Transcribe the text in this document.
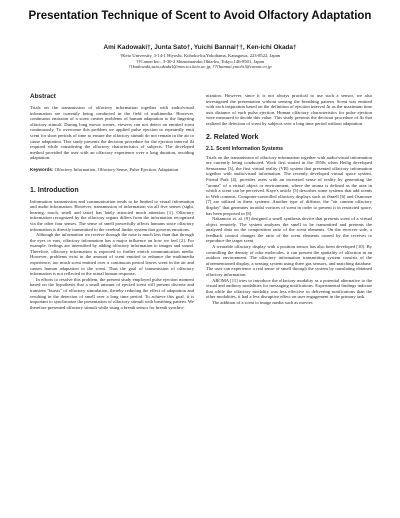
Presentation Technique of Scent to Avoid Olfactory Adaptation
Ami Kadowaki†, Junta Sato†, Yuichi Bannai††, Ken-ichi Okada†
†Keio University, 3-14-1 Hiyoshi, Kohoku-ku,Yokohama, Kanagawa, 223-8522, Japan
††Canon Inc., 3-30-2 Shimomaruko,Ohta-ku, Tokyo,146-8501, Japan
†{kadowaki,sato,okada}@mos.ics.keio.ac.jp, ††{bannai.yuichi}@canon.co.jp
Abstract

Trials on the transmission of olfactory information together with audio/visual information are currently being conducted in the field of multimedia. However, continuous emission of a scent creates problems of human adaptation to the lingering olfactory stimuli. During long movie scenes, viewers can not detect an emitted scent continuously. To overcome this problem we applied pulse ejection to repeatedly emit scent for short periods of time to ensure the olfactory stimuli do not remain in the air to cause adaptation. This study presents the decision procedure for the ejection interval Δt required while considering the olfactory characteristics of subjects. The developed method provided the user with an olfactory experience over a long duration, avoiding adaptation.

Keywords: Olfactory Information, Olfactory Sense, Pulse Ejection, Adaptation
1. Introduction

Information transmission and communication tends to be limited to visual information and audio information. However, transmission of information via all five senses (sight, hearing, touch, smell and taste) has lately attracted much attention [1]. Olfactory information recognized by the olfactory organs differs from the information recognized via the other four senses. The sense of smell powerfully affects humans since olfactory information is directly transmitted to the cerebral limbic system that governs emotions.

Although the information we receive through the nose is much less than that through the eyes or ears, olfactory information has a major influence on how we feel [2]. For example, feelings are intensified by adding olfactory information to images and sound. Therefore, olfactory information is expected to further enrich communication media. However, problems exist in the amount of scent emitted to enhance the multimedia experience; too much scent emitted over a continuous period leaves scent in the air and causes human adaptation to the scent. Thus the goal of transmission of olfactory information is not reflected in the actual human response.

In efforts to resolve this problem, the present study employed pulse ejection moment based on the hypothesis that a small amount of ejected scent will present discrete and transient "bursts" of olfactory stimulation, thereby reducing the effect of adaptation and resulting in the detection of smell over a long time period. To achieve this goal, it is important to synchronize the presentation of olfactory stimuli with breathing pattern. We therefore presented olfactory stimuli while using a breath sensor for breath synchro-

nization. However, since it is not always practical to use such a sensor, we also investigated the presentation without sensing the breathing pattern. Scent was emitted with each inspiration based on the definition of ejection interval Δt as the maximum time axis distance of each pulse ejection. Human olfactory characteristics for pulse ejection were measured to decide this value. This study presents the decision procedure of Δt that realized the detection of scent by subjects over a long time period without adaptation.

2. Related Work
2.1. Scent Information Systems

Trials on the transmission of olfactory information together with audio/visual information are currently being conducted. Work first started in the 1950s when Heilig developed Sensorama [3], the first virtual reality (VR) system that presented olfactory information together with audio/visual information. The recently developed virtual space system, Friend Park [4], provides users with an increased sense of reality by generating the "aroma" of a virtual object or environment, where the aroma is defined as the area in which a scent can be perceived. Kaye's article [5] describes some systems that add scents to Web contents. Computer-controlled olfactory displays such as iSmell [6] and Osmooze [7] are utilized in these systems. Another type of diffuser, the "air cannon olfactory display" that generates toroidal vortices of scent in order to present it in restricted space, has been proposed in [8].

Nakamoto et. al. [9] designed a smell synthesis device that presents scent of a virtual object remotely. The system analyzes the smell to be transmitted and presents the analyzed data on the composition ratio of the scent elements. On the receiver side, a feedback control changes the ratio of the scent elements owned by the receiver to reproduce the target scent.

A wearable olfactory display with a position sensor has also been developed [10]. By controlling the density of odor molecules, it can present the spatiality of olfaction in an outdoor environment. The olfactory information transmitting system consists of the aforementioned display, a sensing system using three gas sensors, and matching database. The user can experience a real sense of smell through the system by translating obtained olfactory information.

AROMA [11] tries to introduce the olfactory modality as a potential alternative to the visual and auditory modalities for messaging notifications. Experimental findings indicate that while the olfactory modality was less effective in delivering notifications than the other modalities, it had a less disruptive effect on user engagement in the primary task.

The addition of a scent to image media such as movies
